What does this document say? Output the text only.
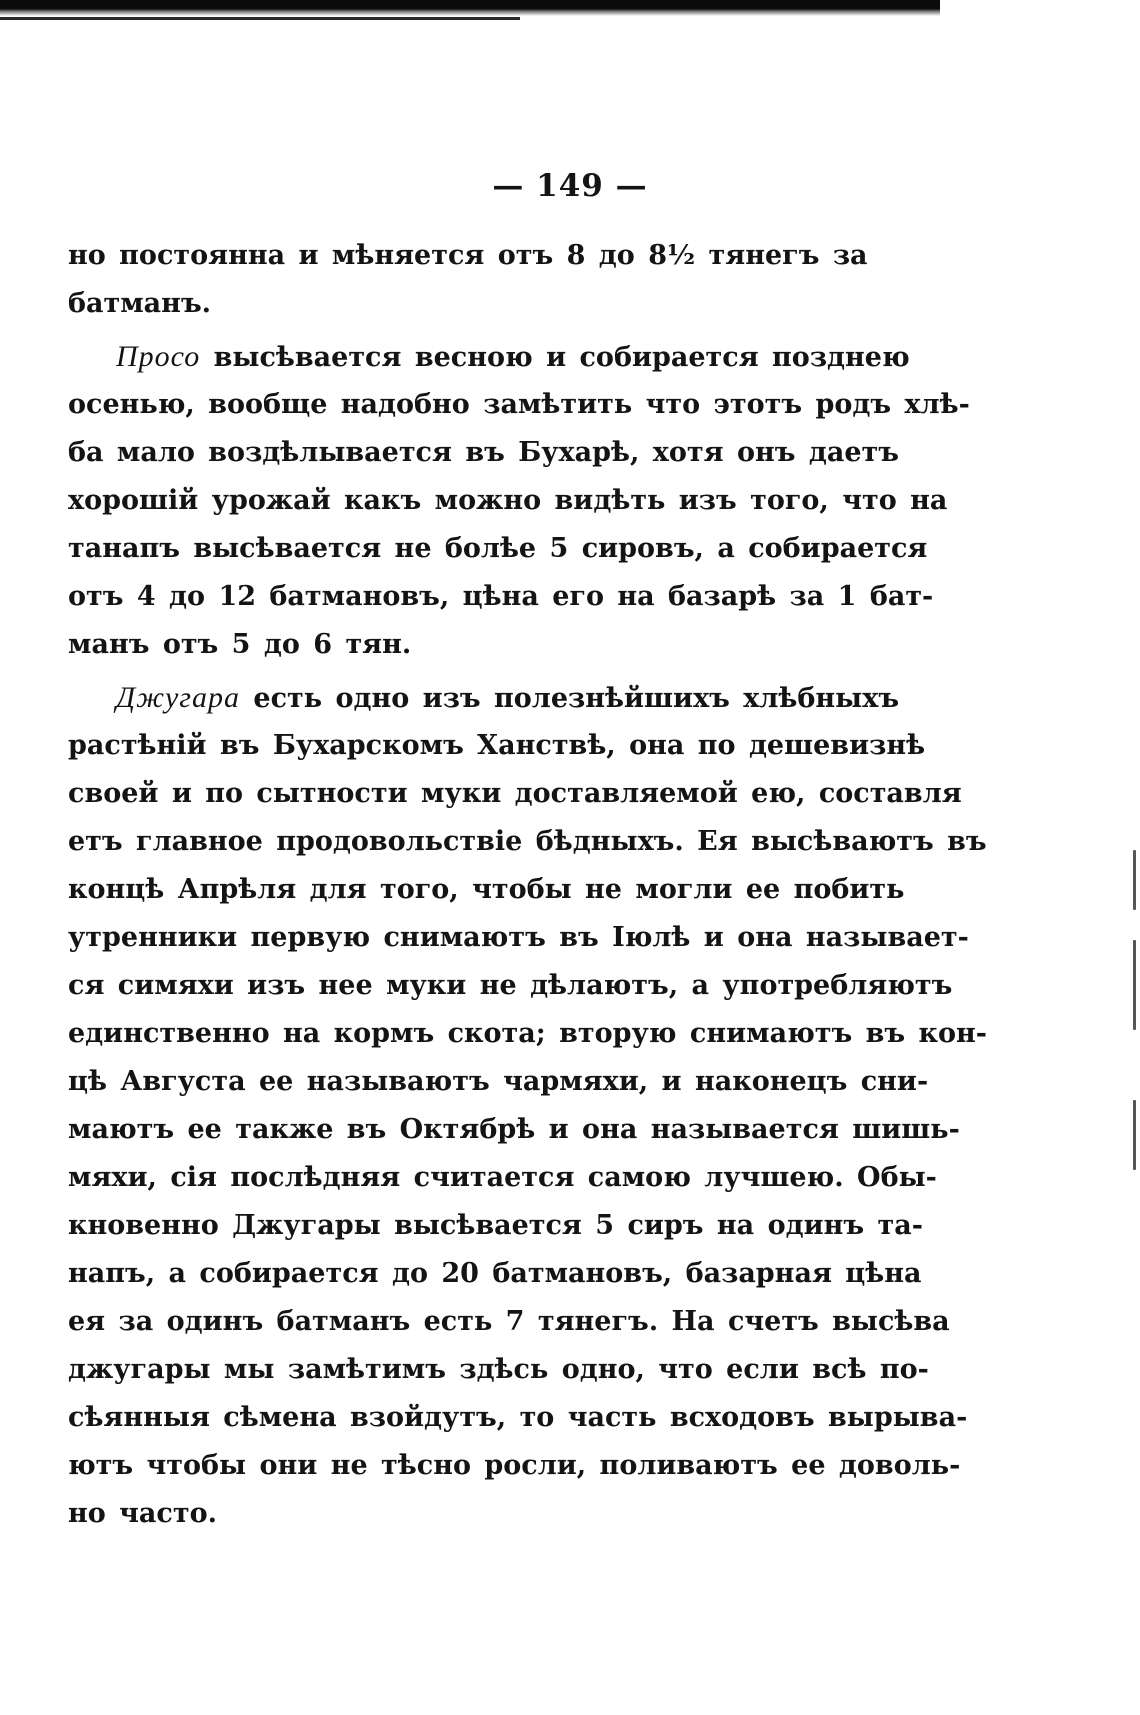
— 149 —
но постоянна и мѣняется отъ 8 до 8½ тянегъ за
батманъ.
Просо высѣвается весною и собирается позднею
осенью, вообще надобно замѣтить что этотъ родъ хлѣ-
ба мало воздѣлывается въ Бухарѣ, хотя онъ даетъ
хорошій урожай какъ можно видѣть изъ того, что на
танапъ высѣвается не болѣе 5 сировъ, а собирается
отъ 4 до 12 батмановъ, цѣна его на базарѣ за 1 бат-
манъ отъ 5 до 6 тян.
Джугара есть одно изъ полезнѣйшихъ хлѣбныхъ
растѣній въ Бухарскомъ Ханствѣ, она по дешевизнѣ
своей и по сытности муки доставляемой ею, составля
етъ главное продовольствіе бѣдныхъ. Ея высѣваютъ въ
концѣ Апрѣля для того, чтобы не могли ее побить
утренники первую снимаютъ въ Іюлѣ и она называет-
ся симяхи изъ нее муки не дѣлаютъ, а употребляютъ
единственно на кормъ скота; вторую снимаютъ въ кон-
цѣ Августа ее называютъ чармяхи, и наконецъ сни-
маютъ ее также въ Октябрѣ и она называется шишь-
мяхи, сія послѣдняя считается самою лучшею. Обы-
кновенно Джугары высѣвается 5 сиръ на одинъ та-
напъ, а собирается до 20 батмановъ, базарная цѣна
ея за одинъ батманъ есть 7 тянегъ. На счетъ высѣва
джугары мы замѣтимъ здѣсь одно, что если всѣ по-
сѣянныя сѣмена взойдутъ, то часть всходовъ вырыва-
ютъ чтобы они не тѣсно росли, поливаютъ ее доволь-
но часто.
